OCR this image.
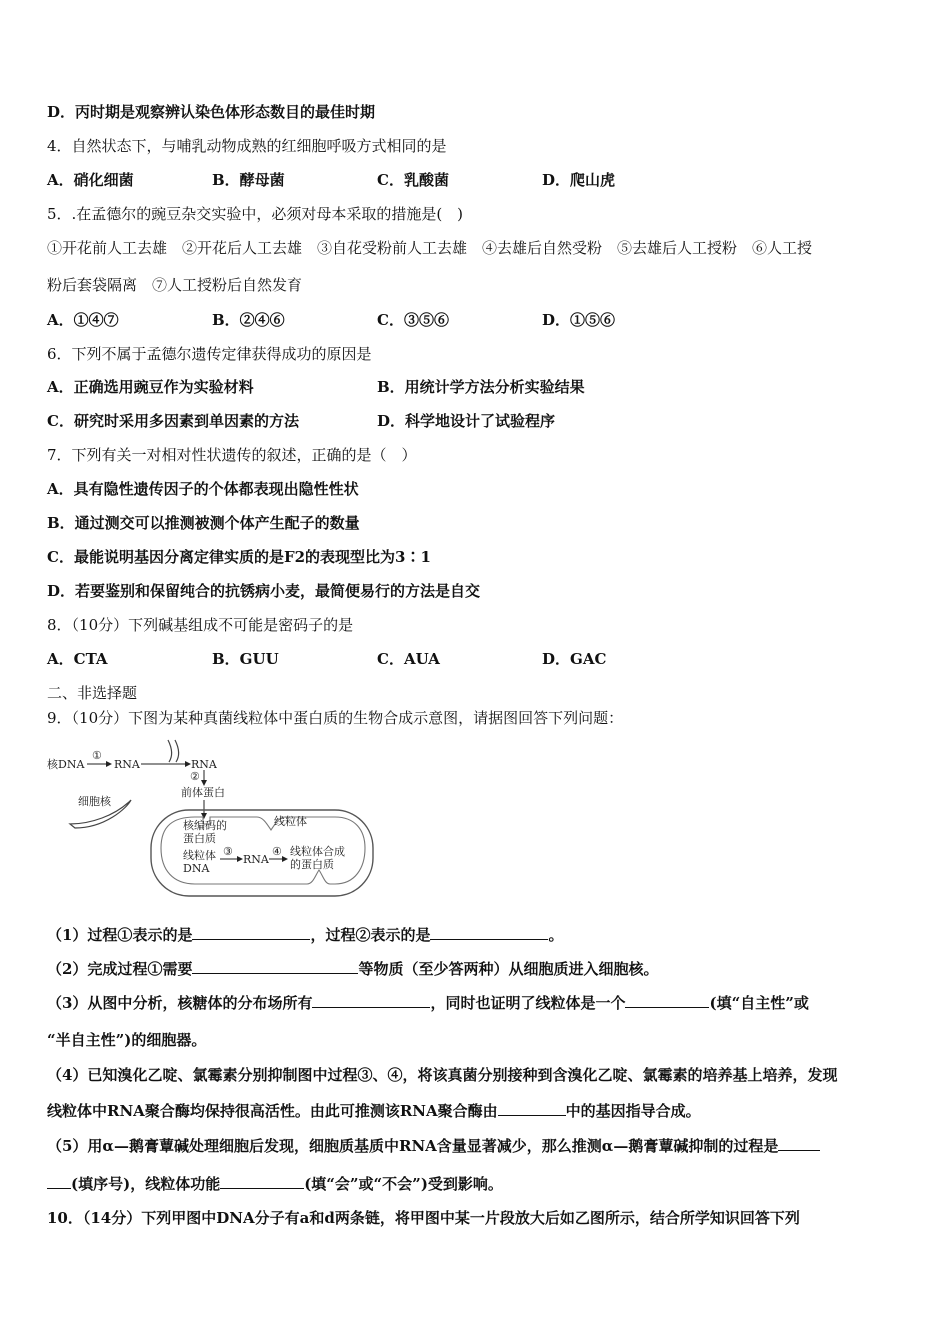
D．丙时期是观察辨认染色体形态数目的最佳时期
4．自然状态下，与哺乳动物成熟的红细胞呼吸方式相同的是
A．硝化细菌	B．酵母菌	C．乳酸菌	D．爬山虎
5．.在孟德尔的豌豆杂交实验中，必须对母本采取的措施是(　)
①开花前人工去雄　②开花后人工去雄　③自花受粉前人工去雄　④去雄后自然受粉　⑤去雄后人工授粉　⑥人工授
粉后套袋隔离　⑦人工授粉后自然发育
A．①④⑦	B．②④⑥	C．③⑤⑥	D．①⑤⑥
6．下列不属于孟德尔遗传定律获得成功的原因是
A．正确选用豌豆作为实验材料	B．用统计学方法分析实验结果
C．研究时采用多因素到单因素的方法	D．科学地设计了试验程序
7．下列有关一对相对性状遗传的叙述，正确的是（　）
A．具有隐性遗传因子的个体都表现出隐性性状
B．通过测交可以推测被测个体产生配子的数量
C．最能说明基因分离定律实质的是F2的表现型比为3∶1
D．若要鉴别和保留纯合的抗锈病小麦，最简便易行的方法是自交
8．（10分）下列碱基组成不可能是密码子的是
A．CTA	B．GUU	C．AUA	D．GAC
二、非选择题
9．（10分）下图为某种真菌线粒体中蛋白质的生物合成示意图，请据图回答下列问题：
核DNA
①
RNA	RNA
②
前体蛋白
细胞核
线粒体
核编码的
蛋白质
线粒体
DNA
③
RNA
④ 线粒体合成
的蛋白质
（1）过程①表示的是	，过程②表示的是	。
（2）完成过程①需要	等物质（至少答两种）从细胞质进入细胞核。
（3）从图中分析，核糖体的分布场所有	，同时也证明了线粒体是一个	(填“自主性”或
“半自主性”)的细胞器。
（4）已知溴化乙啶、氯霉素分别抑制图中过程③、④，将该真菌分别接种到含溴化乙啶、氯霉素的培养基上培养，发现
线粒体中RNA聚合酶均保持很高活性。由此可推测该RNA聚合酶由	中的基因指导合成。
（5）用α—鹅膏蕈碱处理细胞后发现，细胞质基质中RNA含量显著减少，那么推测α—鹅膏蕈碱抑制的过程是
(填序号)，线粒体功能	(填“会”或“不会”)受到影响。
10．（14分）下列甲图中DNA分子有a和d两条链，将甲图中某一片段放大后如乙图所示，结合所学知识回答下列
